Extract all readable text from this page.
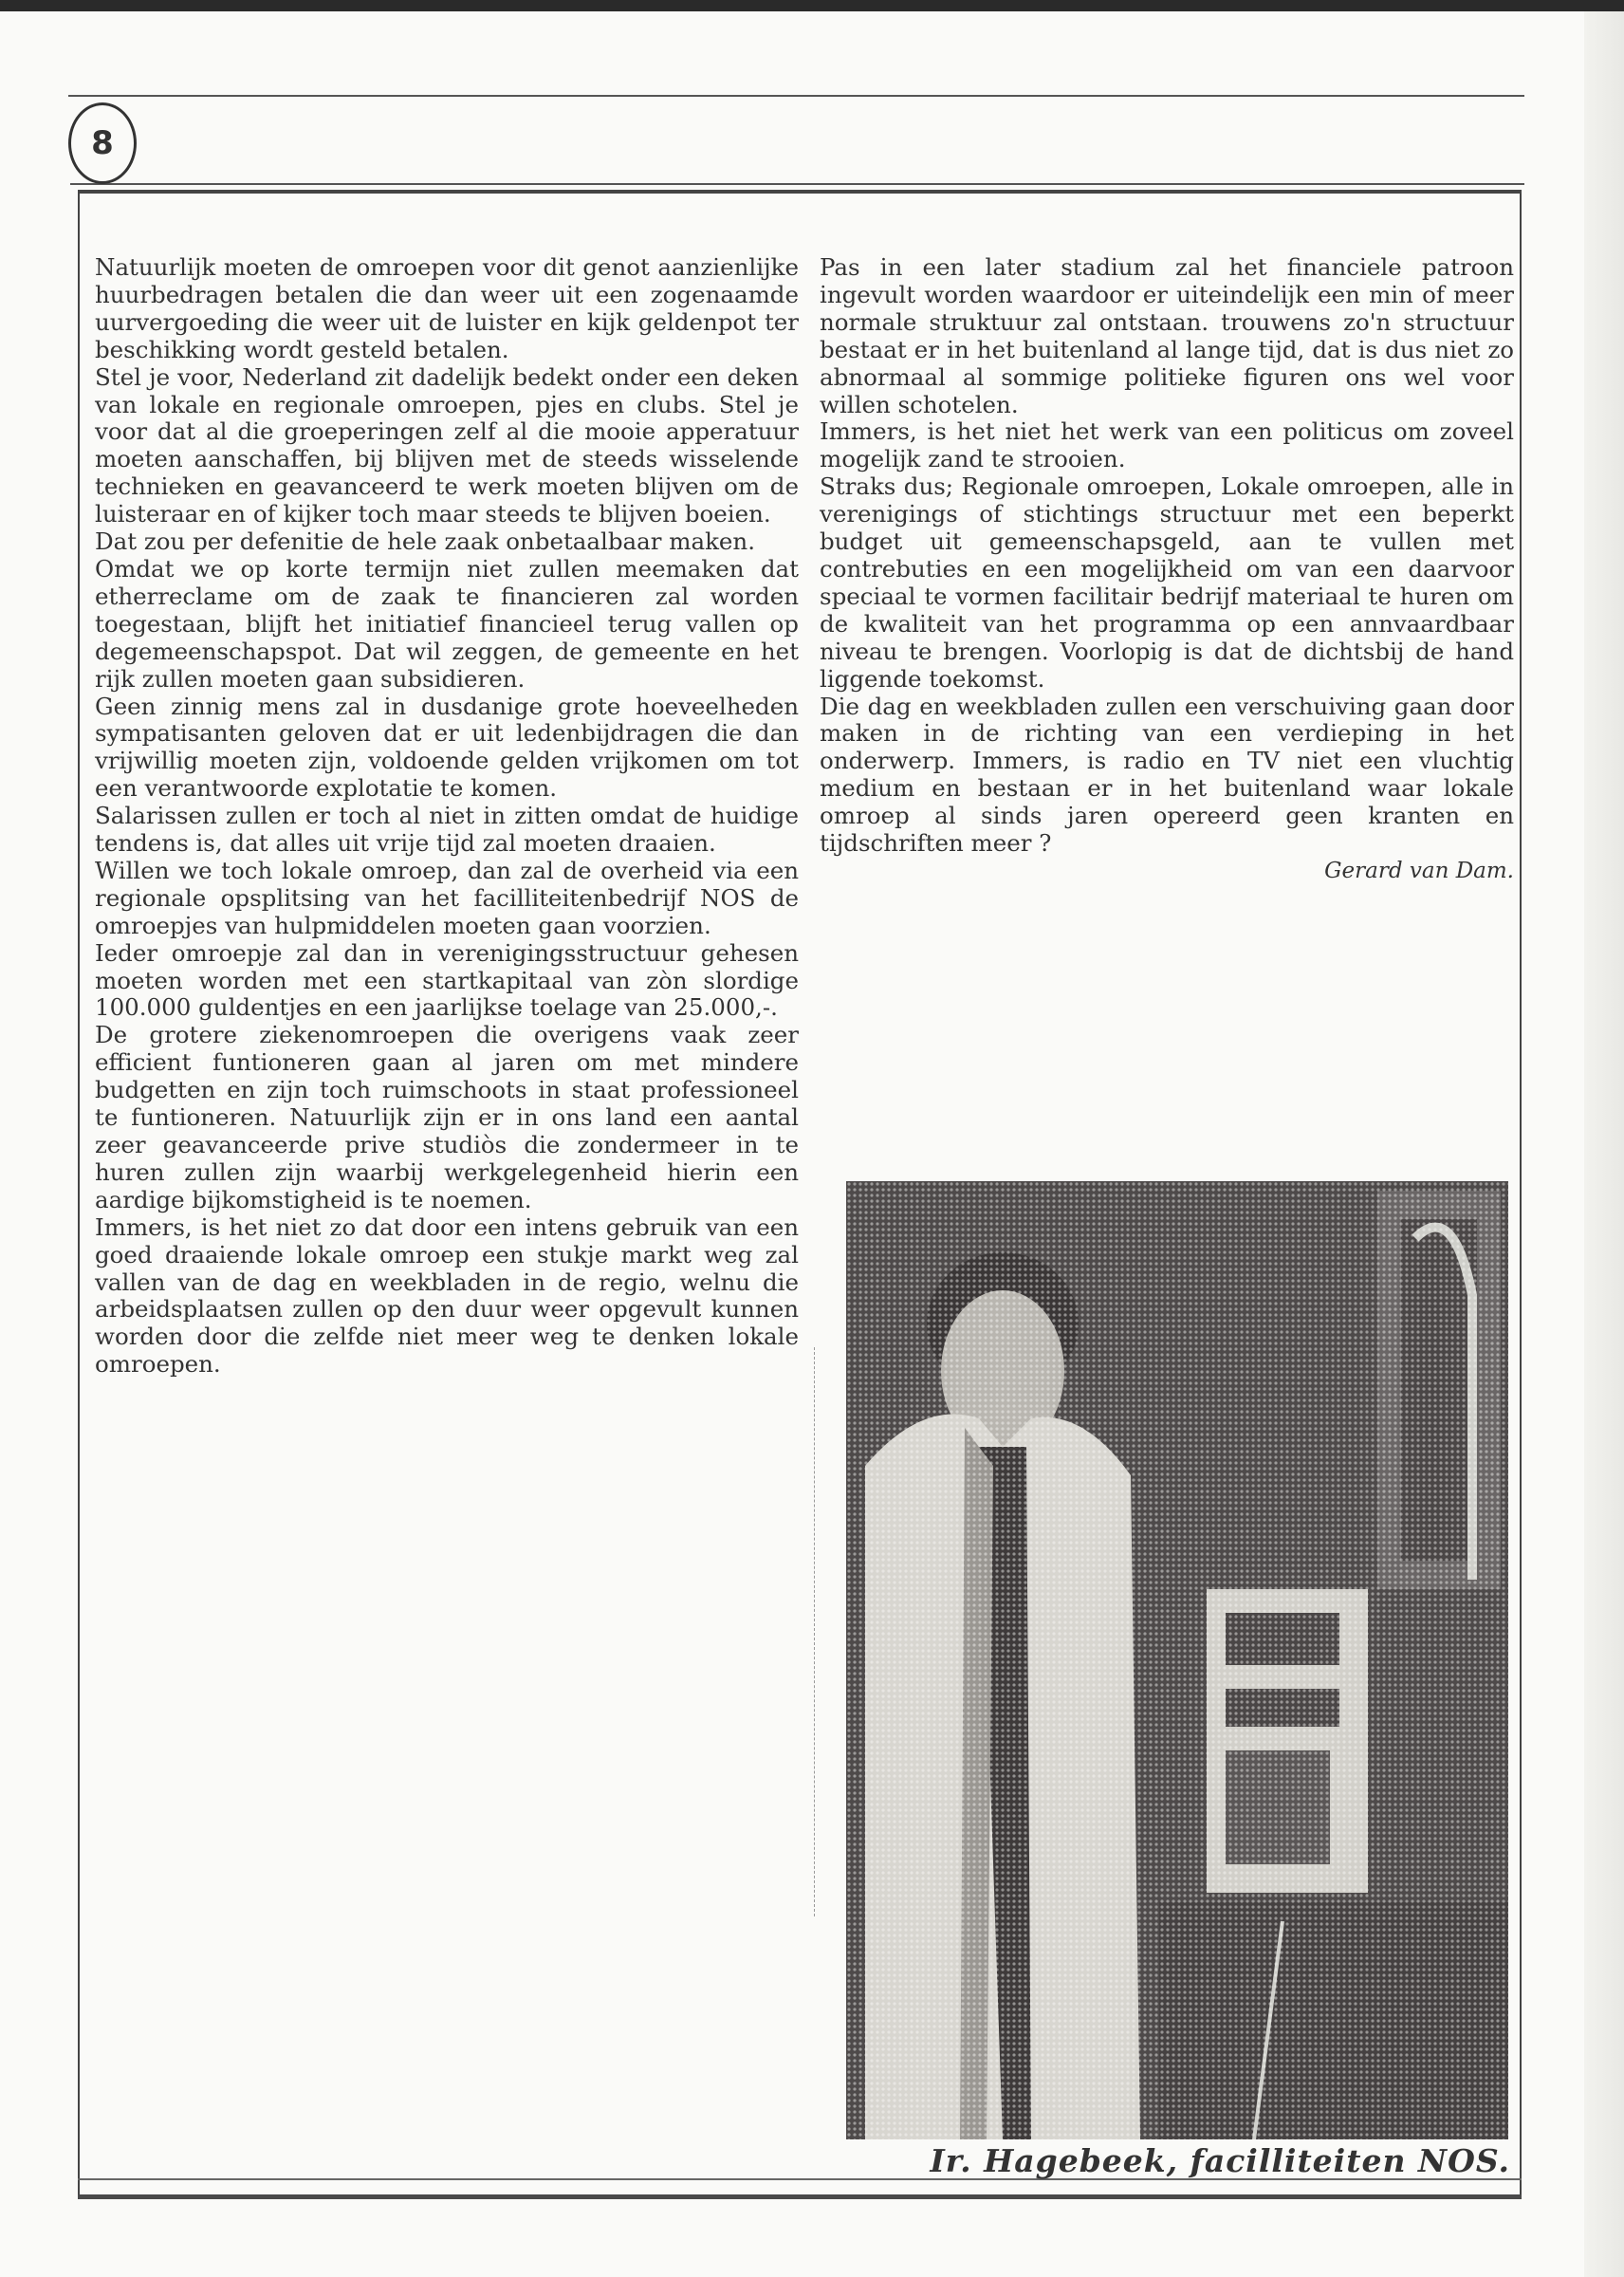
8

Natuurlijk moeten de omroepen voor dit genot aanzienlijke huurbedragen betalen die dan weer uit een zogenaamde uurvergoeding die weer uit de luister en kijk geldenpot ter beschikking wordt gesteld betalen.

Stel je voor, Nederland zit dadelijk bedekt onder een deken van lokale en regionale omroepen, pjes en clubs. Stel je voor dat al die groeperingen zelf al die mooie apperatuur moeten aanschaffen, bij blijven met de steeds wisselende technieken en geavanceerd te werk moeten blijven om de luisteraar en of kijker toch maar steeds te blijven boeien.

Dat zou per defenitie de hele zaak onbetaalbaar maken.

Omdat we op korte termijn niet zullen meemaken dat etherreclame om de zaak te financieren zal worden toegestaan, blijft het initiatief financieel terug vallen op degemeenschapspot. Dat wil zeggen, de gemeente en het rijk zullen moeten gaan subsidieren.

Geen zinnig mens zal in dusdanige grote hoeveelheden sympatisanten geloven dat er uit ledenbijdragen die dan vrijwillig moeten zijn, voldoende gelden vrijkomen om tot een verantwoorde explotatie te komen.

Salarissen zullen er toch al niet in zitten omdat de huidige tendens is, dat alles uit vrije tijd zal moeten draaien.

Willen we toch lokale omroep, dan zal de overheid via een regionale opsplitsing van het facilliteitenbedrijf NOS de omroepjes van hulpmiddelen moeten gaan voorzien.

Ieder omroepje zal dan in verenigingsstructuur gehesen moeten worden met een startkapitaal van zòn slordige 100.000 guldentjes en een jaarlijkse toelage van 25.000,-.

De grotere ziekenomroepen die overigens vaak zeer efficient funtioneren gaan al jaren om met mindere budgetten en zijn toch ruimschoots in staat professioneel te funtioneren. Natuurlijk zijn er in ons land een aantal zeer geavanceerde prive studiòs die zondermeer in te huren zullen zijn waarbij werkgelegenheid hierin een aardige bijkomstigheid is te noemen.

Immers, is het niet zo dat door een intens gebruik van een goed draaiende lokale omroep een stukje markt weg zal vallen van de dag en weekbladen in de regio, welnu die arbeidsplaatsen zullen op den duur weer opgevult kunnen worden door die zelfde niet meer weg te denken lokale omroepen.

Pas in een later stadium zal het financiele patroon ingevult worden waardoor er uiteindelijk een min of meer normale struktuur zal ontstaan. trouwens zo'n structuur bestaat er in het buitenland al lange tijd, dat is dus niet zo abnormaal al sommige politieke figuren ons wel voor willen schotelen.

Immers, is het niet het werk van een politicus om zoveel mogelijk zand te strooien.

Straks dus; Regionale omroepen, Lokale omroepen, alle in verenigings of stichtings structuur met een beperkt budget uit gemeenschapsgeld, aan te vullen met contrebuties en een mogelijkheid om van een daarvoor speciaal te vormen facilitair bedrijf materiaal te huren om de kwaliteit van het programma op een annvaardbaar niveau te brengen. Voorlopig is dat de dichtsbij de hand liggende toekomst.

Die dag en weekbladen zullen een verschuiving gaan door maken in de richting van een verdieping in het onderwerp. Immers, is radio en TV niet een vluchtig medium en bestaan er in het buitenland waar lokale omroep al sinds jaren opereerd geen kranten en tijdschriften meer ?

Gerard van Dam.

Ir. Hagebeek, facilliteiten NOS.
